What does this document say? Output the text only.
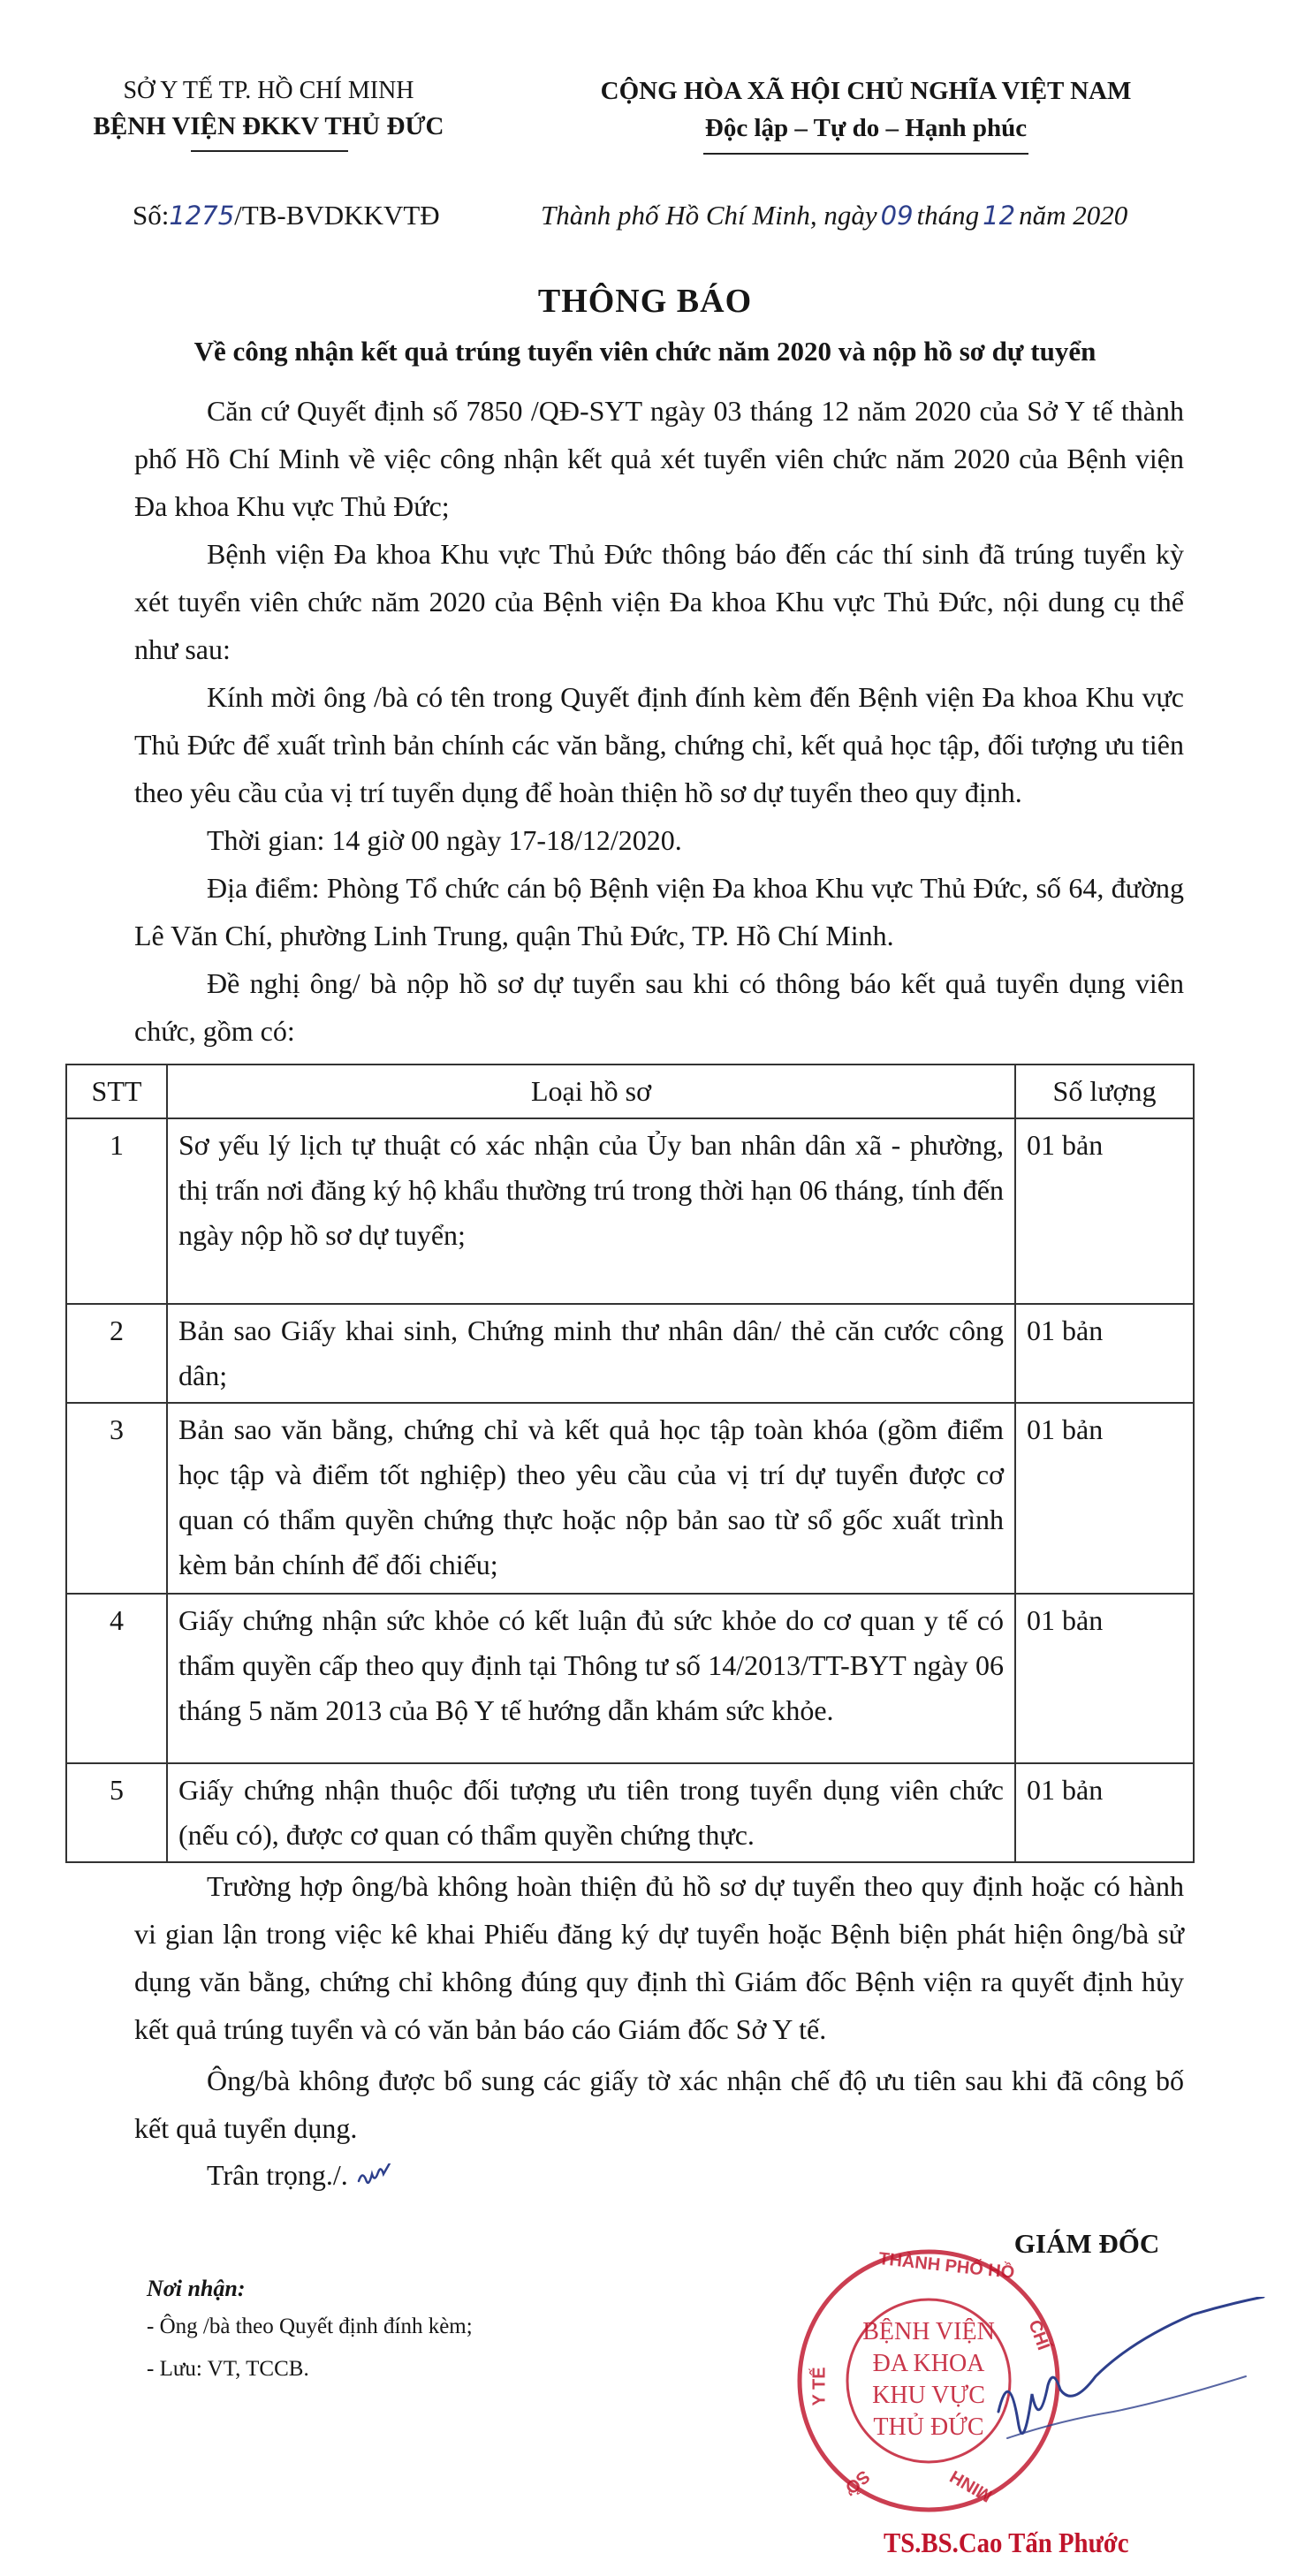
SỞ Y TẾ TP. HỒ CHÍ MINH
BỆNH VIỆN ĐKKV THỦ ĐỨC
CỘNG HÒA XÃ HỘI CHỦ NGHĨA VIỆT NAM
Độc lập – Tự do – Hạnh phúc
Số:1275/TB-BVDKKVTĐ	Thành phố Hồ Chí Minh, ngày 09 tháng 12 năm 2020
THÔNG BÁO
Về công nhận kết quả trúng tuyển viên chức năm 2020 và nộp hồ sơ dự tuyển

Căn cứ Quyết định số 7850 /QĐ-SYT ngày 03 tháng 12 năm 2020 của Sở Y tế thành phố Hồ Chí Minh về việc công nhận kết quả xét tuyển viên chức năm 2020 của Bệnh viện Đa khoa Khu vực Thủ Đức;

Bệnh viện Đa khoa Khu vực Thủ Đức thông báo đến các thí sinh đã trúng tuyển kỳ xét tuyển viên chức năm 2020 của Bệnh viện Đa khoa Khu vực Thủ Đức, nội dung cụ thể như sau:

Kính mời ông /bà có tên trong Quyết định đính kèm đến Bệnh viện Đa khoa Khu vực Thủ Đức để xuất trình bản chính các văn bằng, chứng chỉ, kết quả học tập, đối tượng ưu tiên theo yêu cầu của vị trí tuyển dụng để hoàn thiện hồ sơ dự tuyển theo quy định.

Thời gian: 14 giờ 00 ngày 17-18/12/2020.

Địa điểm: Phòng Tổ chức cán bộ Bệnh viện Đa khoa Khu vực Thủ Đức, số 64, đường Lê Văn Chí, phường Linh Trung, quận Thủ Đức, TP. Hồ Chí Minh.

Đề nghị ông/ bà nộp hồ sơ dự tuyển sau khi có thông báo kết quả tuyển dụng viên chức, gồm có:

STT	Loại hồ sơ	Số lượng
1	Sơ yếu lý lịch tự thuật có xác nhận của Ủy ban nhân dân xã - phường, thị trấn nơi đăng ký hộ khẩu thường trú trong thời hạn 06 tháng, tính đến ngày nộp hồ sơ dự tuyển;	01 bản
2	Bản sao Giấy khai sinh, Chứng minh thư nhân dân/ thẻ căn cước công dân;	01 bản
3	Bản sao văn bằng, chứng chỉ và kết quả học tập toàn khóa (gồm điểm học tập và điểm tốt nghiệp) theo yêu cầu của vị trí dự tuyển được cơ quan có thẩm quyền chứng thực hoặc nộp bản sao từ sổ gốc xuất trình kèm bản chính để đối chiếu;	01 bản
4	Giấy chứng nhận sức khỏe có kết luận đủ sức khỏe do cơ quan y tế có thẩm quyền cấp theo quy định tại Thông tư số 14/2013/TT-BYT ngày 06 tháng 5 năm 2013 của Bộ Y tế hướng dẫn khám sức khỏe.	01 bản
5	Giấy chứng nhận thuộc đối tượng ưu tiên trong tuyển dụng viên chức (nếu có), được cơ quan có thẩm quyền chứng thực.	01 bản

Trường hợp ông/bà không hoàn thiện đủ hồ sơ dự tuyển theo quy định hoặc có hành vi gian lận trong việc kê khai Phiếu đăng ký dự tuyển hoặc Bệnh biện phát hiện ông/bà sử dụng văn bằng, chứng chỉ không đúng quy định thì Giám đốc Bệnh viện ra quyết định hủy kết quả trúng tuyển và có văn bản báo cáo Giám đốc Sở Y tế.

Ông/bà không được bổ sung các giấy tờ xác nhận chế độ ưu tiên sau khi đã công bố kết quả tuyển dụng.

Trân trọng./.
GIÁM ĐỐC
Nơi nhận:
- Ông /bà theo Quyết định đính kèm;
- Lưu: VT, TCCB.
THÀNH PHỐ HỒ
Y TẾ
CHÍ
SỞ	MINH
BỆNH VIỆN
ĐA KHOA
KHU VỰC
THỦ ĐỨC
TS.BS.Cao Tấn Phước
